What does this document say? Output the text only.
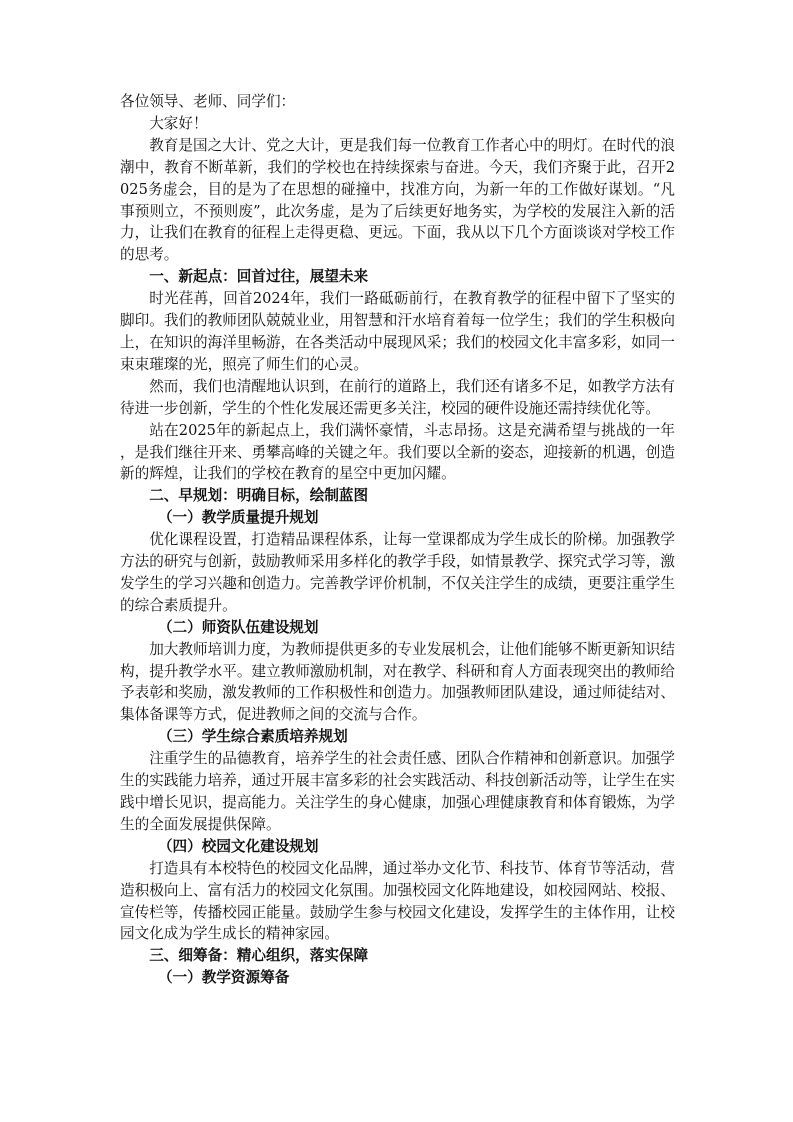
各位领导、老师、同学们：

大家好！

教育是国之大计、党之大计，更是我们每一位教育工作者心中的明灯。在时代的浪潮中，教育不断革新，我们的学校也在持续探索与奋进。今天，我们齐聚于此，召开2025务虚会，目的是为了在思想的碰撞中，找准方向，为新一年的工作做好谋划。“凡事预则立，不预则废”，此次务虚，是为了后续更好地务实，为学校的发展注入新的活力，让我们在教育的征程上走得更稳、更远。下面，我从以下几个方面谈谈对学校工作的思考。

一、新起点：回首过往，展望未来

时光荏苒，回首2024年，我们一路砥砺前行，在教育教学的征程中留下了坚实的脚印。我们的教师团队兢兢业业，用智慧和汗水培育着每一位学生；我们的学生积极向上，在知识的海洋里畅游，在各类活动中展现风采；我们的校园文化丰富多彩，如同一束束璀璨的光，照亮了师生们的心灵。

然而，我们也清醒地认识到，在前行的道路上，我们还有诸多不足，如教学方法有待进一步创新，学生的个性化发展还需更多关注，校园的硬件设施还需持续优化等。

站在2025年的新起点上，我们满怀豪情，斗志昂扬。这是充满希望与挑战的一年，是我们继往开来、勇攀高峰的关键之年。我们要以全新的姿态，迎接新的机遇，创造新的辉煌，让我们的学校在教育的星空中更加闪耀。

二、早规划：明确目标，绘制蓝图

（一）教学质量提升规划

优化课程设置，打造精品课程体系，让每一堂课都成为学生成长的阶梯。加强教学方法的研究与创新，鼓励教师采用多样化的教学手段，如情景教学、探究式学习等，激发学生的学习兴趣和创造力。完善教学评价机制，不仅关注学生的成绩，更要注重学生的综合素质提升。

（二）师资队伍建设规划

加大教师培训力度，为教师提供更多的专业发展机会，让他们能够不断更新知识结构，提升教学水平。建立教师激励机制，对在教学、科研和育人方面表现突出的教师给予表彰和奖励，激发教师的工作积极性和创造力。加强教师团队建设，通过师徒结对、集体备课等方式，促进教师之间的交流与合作。

（三）学生综合素质培养规划

注重学生的品德教育，培养学生的社会责任感、团队合作精神和创新意识。加强学生的实践能力培养，通过开展丰富多彩的社会实践活动、科技创新活动等，让学生在实践中增长见识，提高能力。关注学生的身心健康，加强心理健康教育和体育锻炼，为学生的全面发展提供保障。

（四）校园文化建设规划

打造具有本校特色的校园文化品牌，通过举办文化节、科技节、体育节等活动，营造积极向上、富有活力的校园文化氛围。加强校园文化阵地建设，如校园网站、校报、宣传栏等，传播校园正能量。鼓励学生参与校园文化建设，发挥学生的主体作用，让校园文化成为学生成长的精神家园。

三、细筹备：精心组织，落实保障

（一）教学资源筹备
